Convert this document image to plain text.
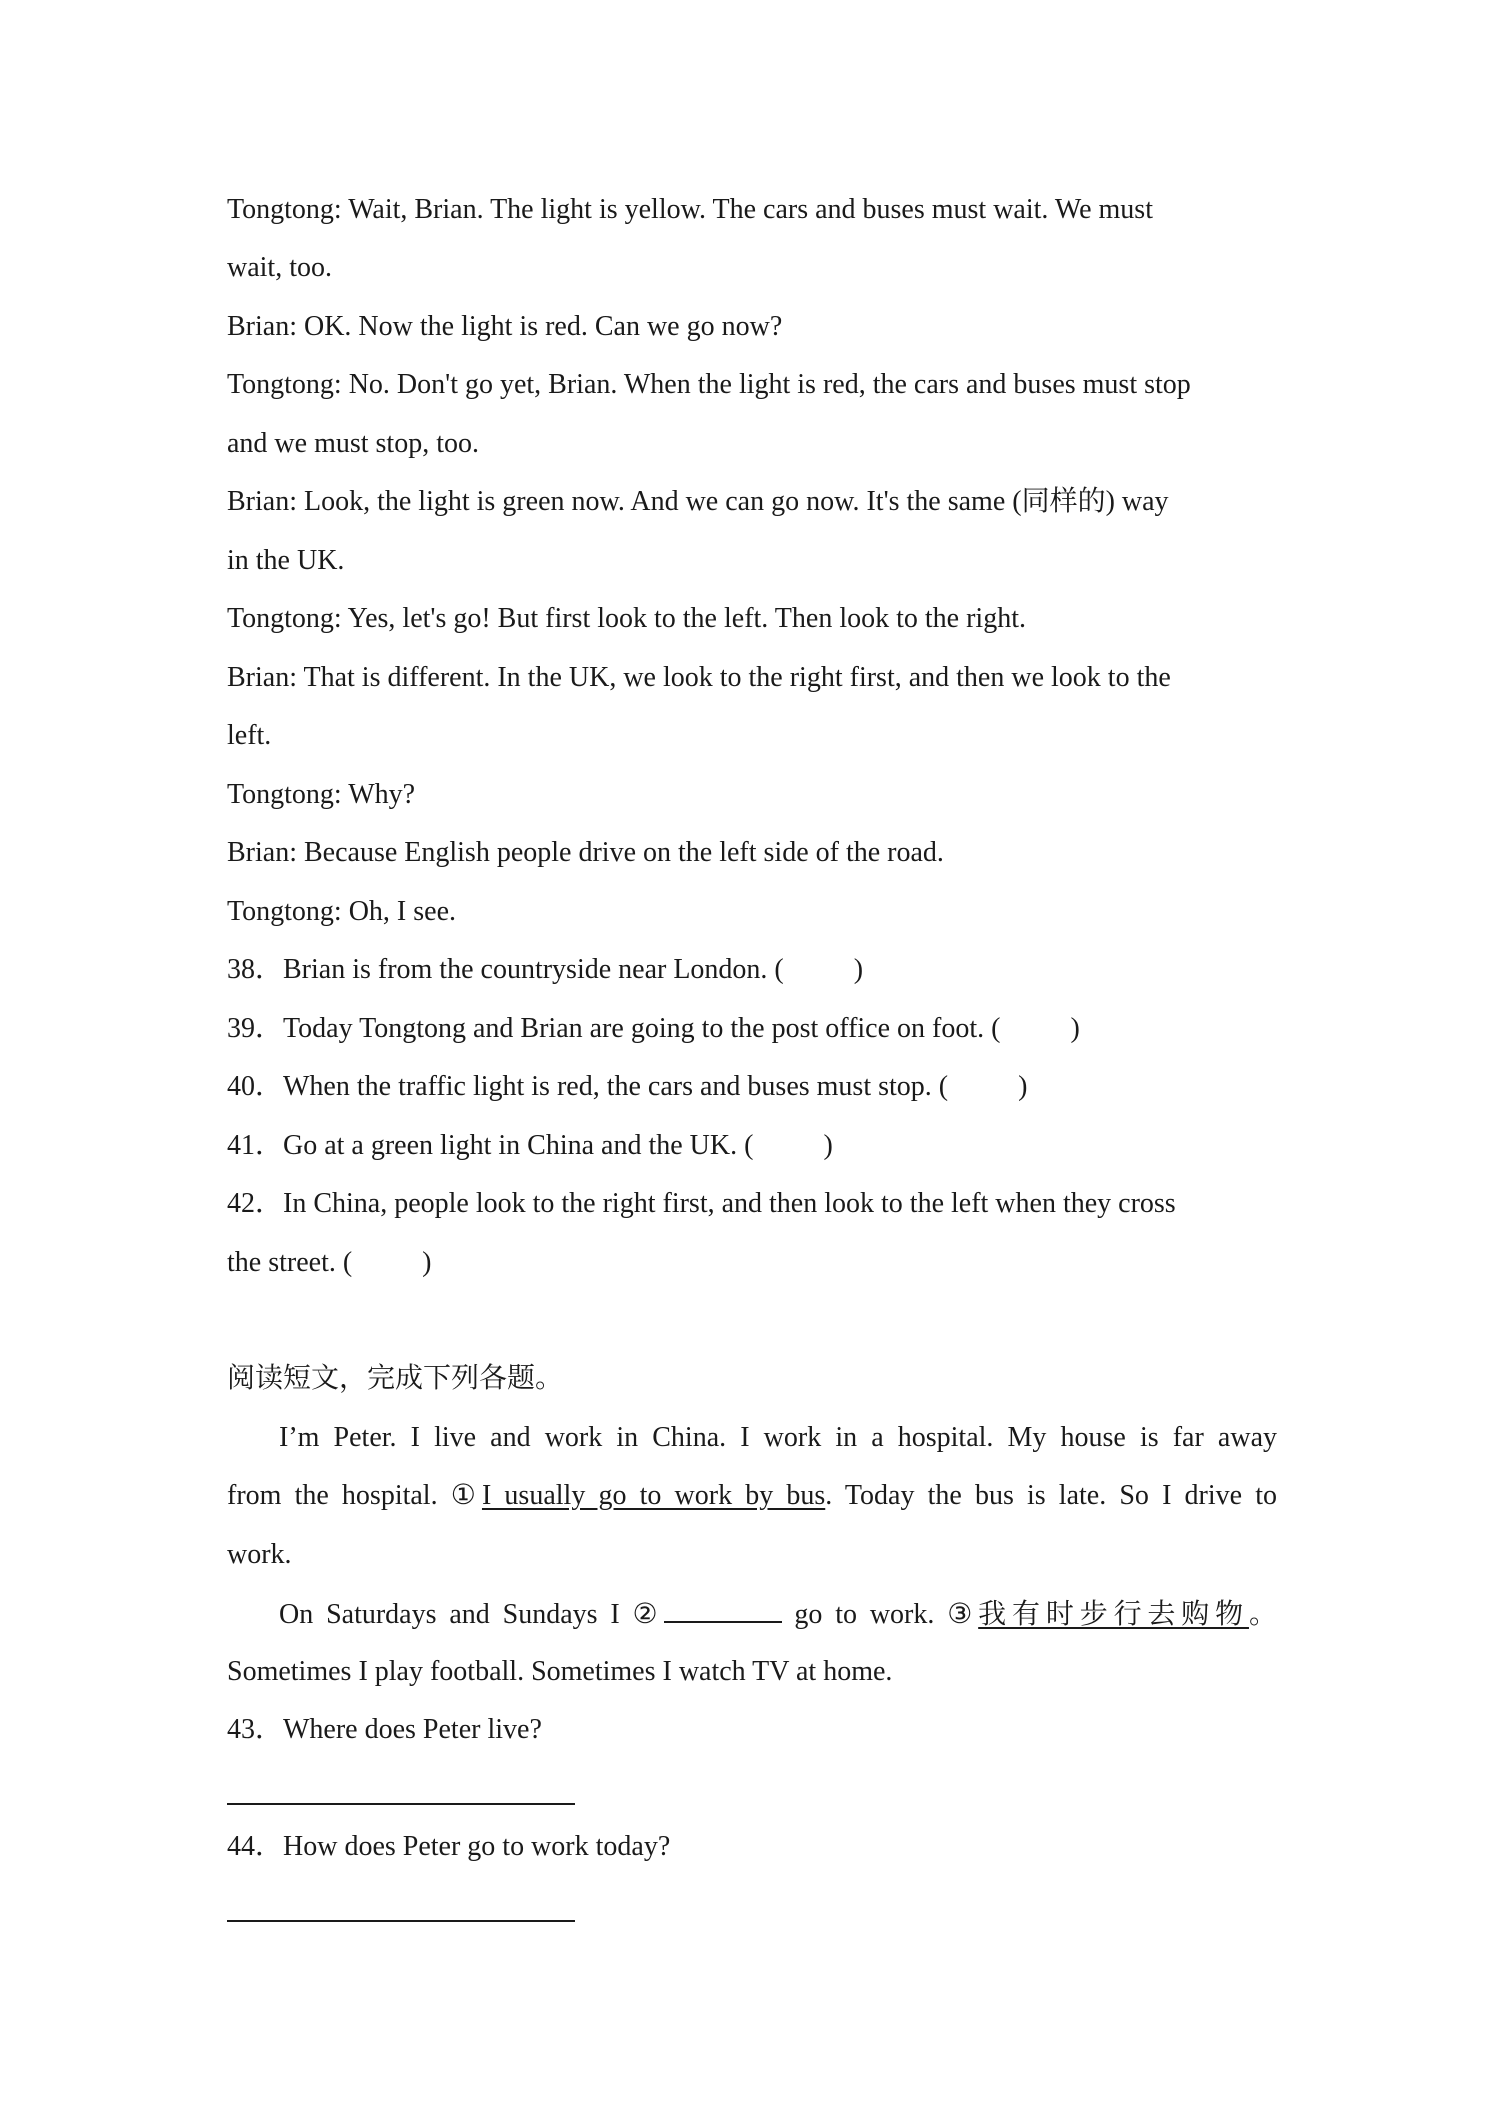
Tongtong: Wait, Brian. The light is yellow. The cars and buses must wait. We must
wait, too.
Brian: OK. Now the light is red. Can we go now?
Tongtong: No. Don't go yet, Brian. When the light is red, the cars and buses must stop
and we must stop, too.
Brian: Look, the light is green now. And we can go now. It's the same (同样的) way
in the UK.
Tongtong: Yes, let's go! But first look to the left. Then look to the right.
Brian: That is different. In the UK, we look to the right first, and then we look to the
left.
Tongtong: Why?
Brian: Because English people drive on the left side of the road.
Tongtong: Oh, I see.
38．Brian is from the countryside near London. (	)
39．Today Tongtong and Brian are going to the post office on foot. (	)
40．When the traffic light is red, the cars and buses must stop. (	)
41．Go at a green light in China and the UK. (	)
42．In China, people look to the right first, and then look to the left when they cross
the street. (	)
阅读短文，完成下列各题。
I’m Peter. I live and work in China. I work in a hospital. My house is far away
from the hospital. ①I usually go to work by bus. Today the bus is late. So I drive to
work.
On Saturdays and Sundays I ②	go to work. ③我有时步行去购物。
Sometimes I play football. Sometimes I watch TV at home.
43．Where does Peter live?
44．How does Peter go to work today?
